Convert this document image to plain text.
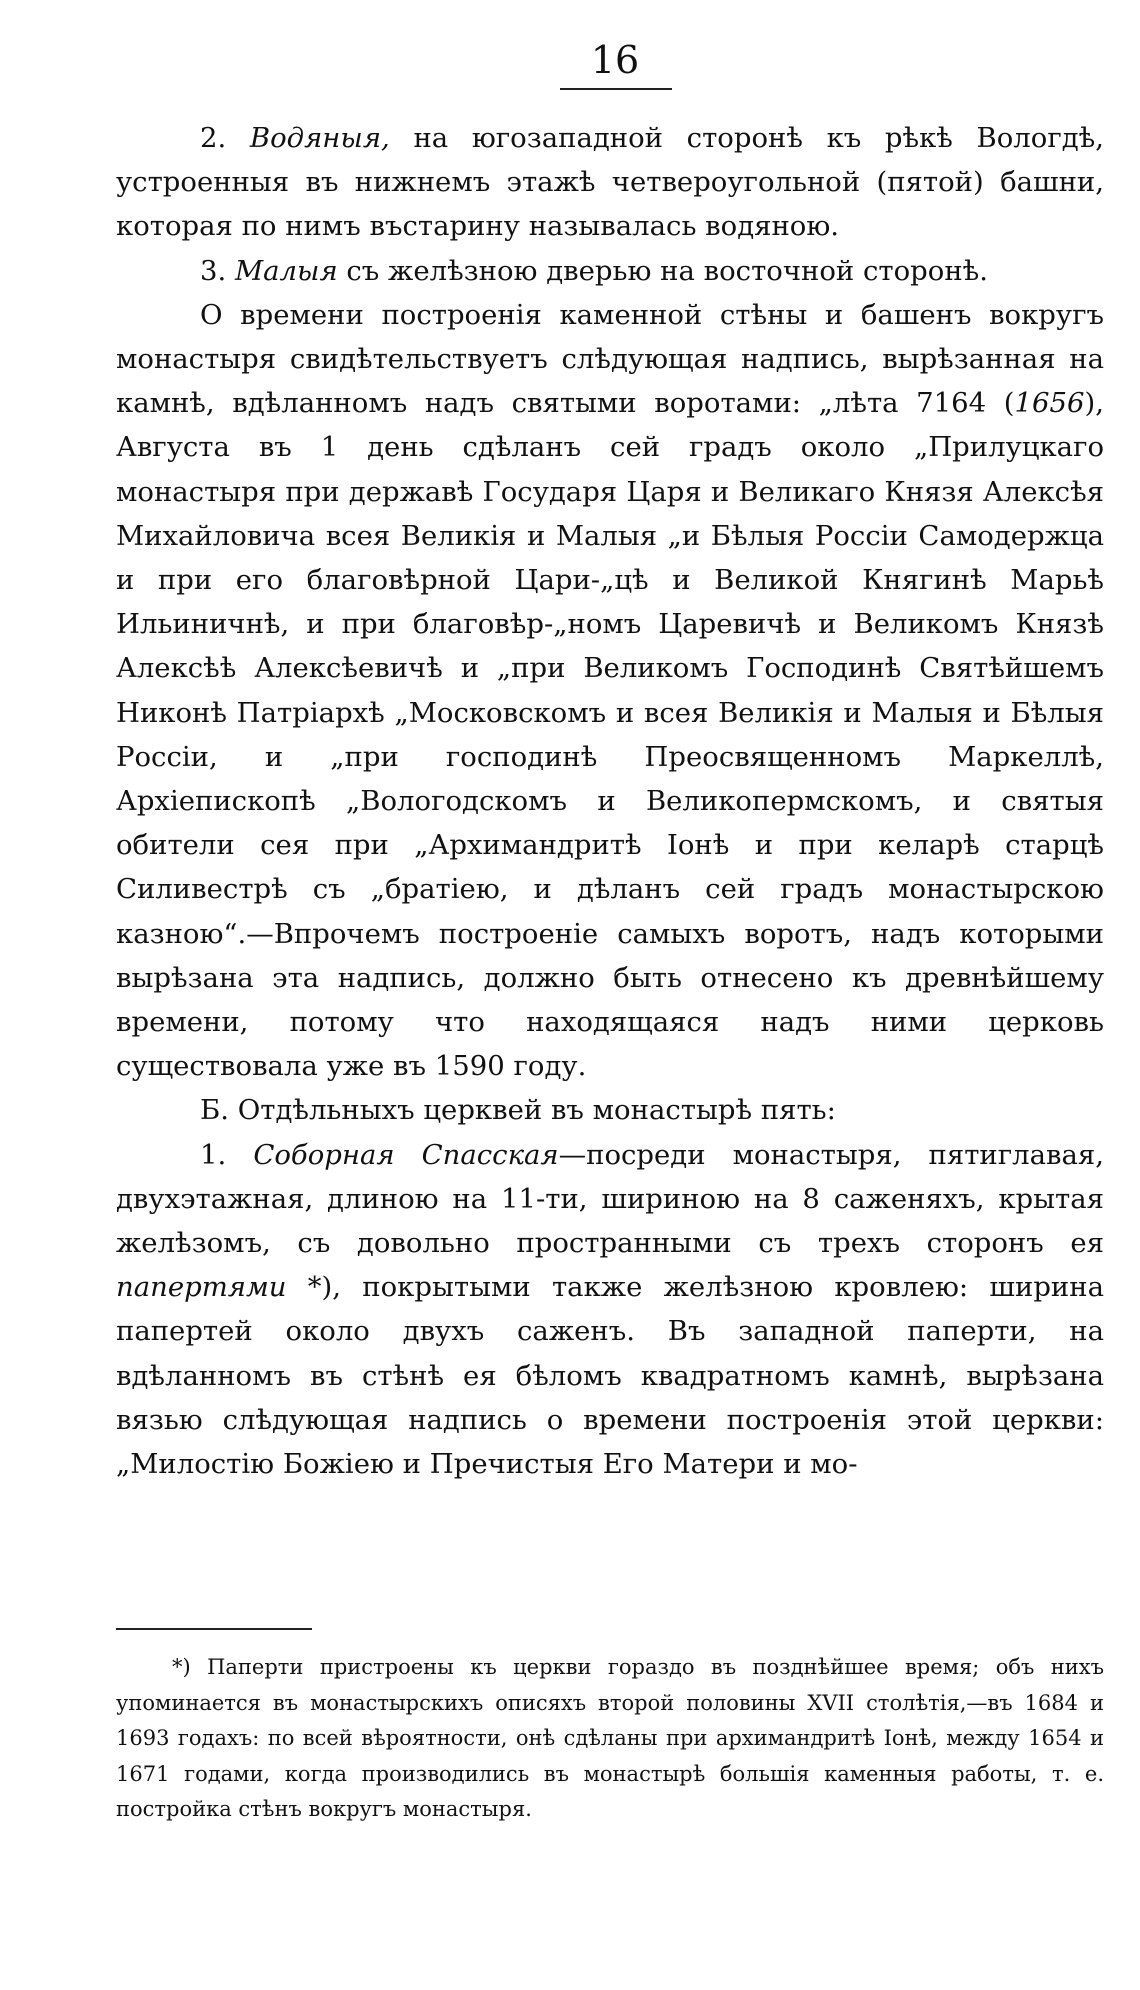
16

2. Водяныя, на югозападной сторонѣ къ рѣкѣ Вологдѣ, устроенныя въ нижнемъ этажѣ четвероугольной (пятой) башни, которая по нимъ въстарину называлась водяною.

3. Малыя съ желѣзною дверью на восточной сторонѣ.

О времени построенія каменной стѣны и башенъ вокругъ монастыря свидѣтельствуетъ слѣдующая надпись, вырѣзанная на камнѣ, вдѣланномъ надъ святыми воротами: „лѣта 7164 (1656), Августа въ 1 день сдѣланъ сей градъ около „Прилуцкаго монастыря при державѣ Государя Царя и Великаго Князя Алексѣя Михайловича всея Великія и Малыя „и Бѣлыя Россіи Самодержца и при его благовѣрной Цари-„цѣ и Великой Княгинѣ Марьѣ Ильиничнѣ, и при благовѣр-„номъ Царевичѣ и Великомъ Князѣ Алексѣѣ Алексѣевичѣ и „при Великомъ Господинѣ Святѣйшемъ Никонѣ Патріархѣ „Московскомъ и всея Великія и Малыя и Бѣлыя Россіи, и „при господинѣ Преосвященномъ Маркеллѣ, Архіепископѣ „Вологодскомъ и Великопермскомъ, и святыя обители сея при „Архимандритѣ Іонѣ и при келарѣ старцѣ Силивестрѣ съ „братіею, и дѣланъ сей градъ монастырскою казною“.—Впрочемъ построеніе самыхъ воротъ, надъ которыми вырѣзана эта надпись, должно быть отнесено къ древнѣйшему времени, потому что находящаяся надъ ними церковь существовала уже въ 1590 году.

Б. Отдѣльныхъ церквей въ монастырѣ пять:

1. Соборная Спасская—посреди монастыря, пятиглавая, двухэтажная, длиною на 11-ти, шириною на 8 саженяхъ, крытая желѣзомъ, съ довольно пространными съ трехъ сторонъ ея папертями *), покрытыми также желѣзною кровлею: ширина папертей около двухъ саженъ. Въ западной паперти, на вдѣланномъ въ стѣнѣ ея бѣломъ квадратномъ камнѣ, вырѣзана вязью слѣдующая надпись о времени построенія этой церкви: „Милостію Божіею и Пречистыя Его Матери и мо-

*) Паперти пристроены къ церкви гораздо въ позднѣйшее время; объ нихъ упоминается въ монастырскихъ описяхъ второй половины XVII столѣтія,—въ 1684 и 1693 годахъ: по всей вѣроятности, онѣ сдѣланы при архимандритѣ Іонѣ, между 1654 и 1671 годами, когда производились въ монастырѣ большія каменныя работы, т. е. постройка стѣнъ вокругъ монастыря.
